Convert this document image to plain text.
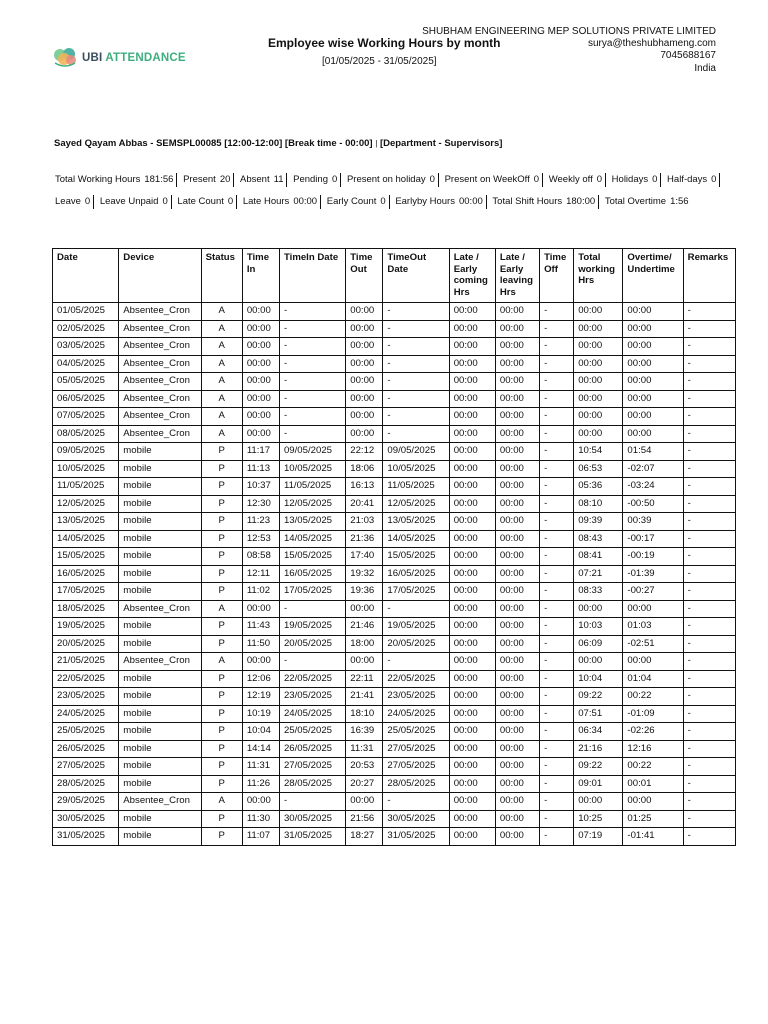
UBI ATTENDANCE
Employee wise Working Hours by month
[01/05/2025 - 31/05/2025]
SHUBHAM ENGINEERING MEP SOLUTIONS PRIVATE LIMITED
surya@theshubhameng.com
7045688167
India
Sayed Qayam Abbas - SEMSPL00085 [12:00-12:00] [Break time - 00:00] | [Department - Supervisors]
Total Working Hours 181:56 Present 20 Absent 11 Pending 0 Present on holiday 0 Present on WeekOff 0 Weekly off 0 Holidays 0 Half-days 0 Leave 0 Leave Unpaid 0 Late Count 0 Late Hours 00:00 Early Count 0 Earlyby Hours 00:00 Total Shift Hours 180:00 Total Overtime 1:56
Date	Device	Status	Time In	TimeIn Date	Time Out	TimeOut Date	Late / Early coming Hrs	Late / Early leaving Hrs	Time Off	Total working Hrs	Overtime/ Undertime	Remarks
01/05/2025	Absentee_Cron	A	00:00	-	00:00	-	00:00	00:00	-	00:00	00:00	-
02/05/2025	Absentee_Cron	A	00:00	-	00:00	-	00:00	00:00	-	00:00	00:00	-
03/05/2025	Absentee_Cron	A	00:00	-	00:00	-	00:00	00:00	-	00:00	00:00	-
04/05/2025	Absentee_Cron	A	00:00	-	00:00	-	00:00	00:00	-	00:00	00:00	-
05/05/2025	Absentee_Cron	A	00:00	-	00:00	-	00:00	00:00	-	00:00	00:00	-
06/05/2025	Absentee_Cron	A	00:00	-	00:00	-	00:00	00:00	-	00:00	00:00	-
07/05/2025	Absentee_Cron	A	00:00	-	00:00	-	00:00	00:00	-	00:00	00:00	-
08/05/2025	Absentee_Cron	A	00:00	-	00:00	-	00:00	00:00	-	00:00	00:00	-
09/05/2025	mobile	P	11:17	09/05/2025	22:12	09/05/2025	00:00	00:00	-	10:54	01:54	-
10/05/2025	mobile	P	11:13	10/05/2025	18:06	10/05/2025	00:00	00:00	-	06:53	-02:07	-
11/05/2025	mobile	P	10:37	11/05/2025	16:13	11/05/2025	00:00	00:00	-	05:36	-03:24	-
12/05/2025	mobile	P	12:30	12/05/2025	20:41	12/05/2025	00:00	00:00	-	08:10	-00:50	-
13/05/2025	mobile	P	11:23	13/05/2025	21:03	13/05/2025	00:00	00:00	-	09:39	00:39	-
14/05/2025	mobile	P	12:53	14/05/2025	21:36	14/05/2025	00:00	00:00	-	08:43	-00:17	-
15/05/2025	mobile	P	08:58	15/05/2025	17:40	15/05/2025	00:00	00:00	-	08:41	-00:19	-
16/05/2025	mobile	P	12:11	16/05/2025	19:32	16/05/2025	00:00	00:00	-	07:21	-01:39	-
17/05/2025	mobile	P	11:02	17/05/2025	19:36	17/05/2025	00:00	00:00	-	08:33	-00:27	-
18/05/2025	Absentee_Cron	A	00:00	-	00:00	-	00:00	00:00	-	00:00	00:00	-
19/05/2025	mobile	P	11:43	19/05/2025	21:46	19/05/2025	00:00	00:00	-	10:03	01:03	-
20/05/2025	mobile	P	11:50	20/05/2025	18:00	20/05/2025	00:00	00:00	-	06:09	-02:51	-
21/05/2025	Absentee_Cron	A	00:00	-	00:00	-	00:00	00:00	-	00:00	00:00	-
22/05/2025	mobile	P	12:06	22/05/2025	22:11	22/05/2025	00:00	00:00	-	10:04	01:04	-
23/05/2025	mobile	P	12:19	23/05/2025	21:41	23/05/2025	00:00	00:00	-	09:22	00:22	-
24/05/2025	mobile	P	10:19	24/05/2025	18:10	24/05/2025	00:00	00:00	-	07:51	-01:09	-
25/05/2025	mobile	P	10:04	25/05/2025	16:39	25/05/2025	00:00	00:00	-	06:34	-02:26	-
26/05/2025	mobile	P	14:14	26/05/2025	11:31	27/05/2025	00:00	00:00	-	21:16	12:16	-
27/05/2025	mobile	P	11:31	27/05/2025	20:53	27/05/2025	00:00	00:00	-	09:22	00:22	-
28/05/2025	mobile	P	11:26	28/05/2025	20:27	28/05/2025	00:00	00:00	-	09:01	00:01	-
29/05/2025	Absentee_Cron	A	00:00	-	00:00	-	00:00	00:00	-	00:00	00:00	-
30/05/2025	mobile	P	11:30	30/05/2025	21:56	30/05/2025	00:00	00:00	-	10:25	01:25	-
31/05/2025	mobile	P	11:07	31/05/2025	18:27	31/05/2025	00:00	00:00	-	07:19	-01:41	-
